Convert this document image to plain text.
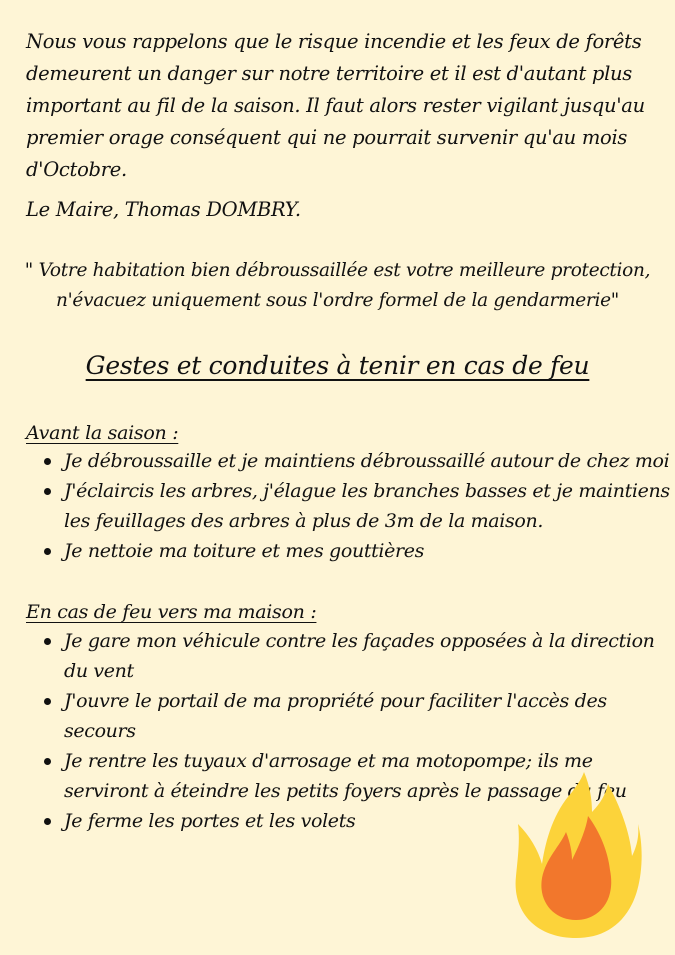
Nous vous rappelons que le risque incendie et les feux de forêts demeurent un danger sur notre territoire et il est d'autant plus important au fil de la saison. Il faut alors rester vigilant jusqu'au premier orage conséquent qui ne pourrait survenir qu'au mois d'Octobre.

Le Maire, Thomas DOMBRY.
" Votre habitation bien débroussaillée est votre meilleure protection,
n'évacuez uniquement sous l'ordre formel de la gendarmerie"
Gestes et conduites à tenir en cas de feu
Avant la saison :
Je débroussaille et je maintiens débroussaillé autour de chez moi
J'éclaircis les arbres, j'élague les branches basses et je maintiens les feuillages des arbres à plus de 3m de la maison.
Je nettoie ma toiture et mes gouttières
En cas de feu vers ma maison :
Je gare mon véhicule contre les façades opposées à la direction du vent
J'ouvre le portail de ma propriété pour faciliter l'accès des secours
Je rentre les tuyaux d'arrosage et ma motopompe; ils me serviront à éteindre les petits foyers après le passage du feu
Je ferme les portes et les volets
